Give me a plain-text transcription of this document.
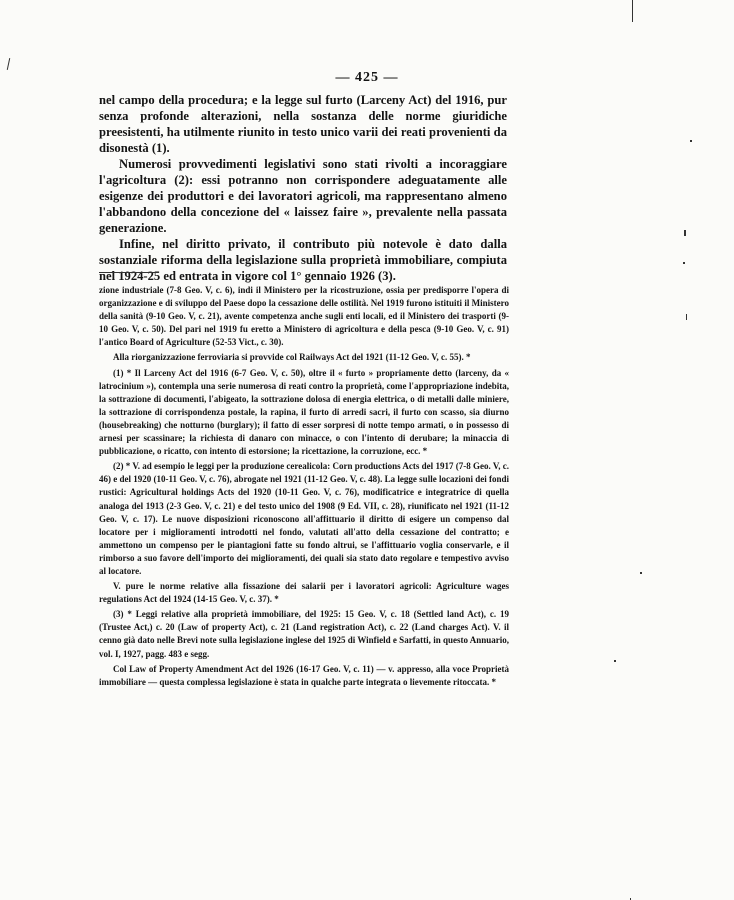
— 425 —

nel campo della procedura; e la legge sul furto (Larceny Act) del 1916, pur senza profonde alterazioni, nella sostanza delle norme giuridiche preesistenti, ha utilmente riunito in testo unico varii dei reati provenienti da disonestà (1).

Numerosi provvedimenti legislativi sono stati rivolti a incoraggiare l'agricoltura (2): essi potranno non corrispondere adeguatamente alle esigenze dei produttori e dei lavoratori agricoli, ma rappresentano almeno l'abbandono della concezione del « laissez faire », prevalente nella passata generazione.

Infine, nel diritto privato, il contributo più notevole è dato dalla sostanziale riforma della legislazione sulla proprietà immobiliare, compiuta nel 1924-25 ed entrata in vigore col 1° gennaio 1926 (3).

zione industriale (7-8 Geo. V, c. 6), indi il Ministero per la ricostruzione, ossia per predisporre l'opera di organizzazione e di sviluppo del Paese dopo la cessazione delle ostilità. Nel 1919 furono istituiti il Ministero della sanità (9-10 Geo. V, c. 21), avente competenza anche sugli enti locali, ed il Ministero dei trasporti (9-10 Geo. V, c. 50). Del pari nel 1919 fu eretto a Ministero di agricoltura e della pesca (9-10 Geo. V, c. 91) l'antico Board of Agriculture (52-53 Vict., c. 30).

Alla riorganizzazione ferroviaria si provvide col Railways Act del 1921 (11-12 Geo. V, c. 55). *

(1) * Il Larceny Act del 1916 (6-7 Geo. V, c. 50), oltre il « furto » propriamente detto (larceny, da « latrocinium »), contempla una serie numerosa di reati contro la proprietà, come l'appropriazione indebita, la sottrazione di documenti, l'abigeato, la sottrazione dolosa di energia elettrica, o di metalli dalle miniere, la sottrazione di corrispondenza postale, la rapina, il furto di arredi sacri, il furto con scasso, sia diurno (housebreaking) che notturno (burglary); il fatto di esser sorpresi di notte tempo armati, o in possesso di arnesi per scassinare; la richiesta di danaro con minacce, o con l'intento di derubare; la minaccia di pubblicazione, o ricatto, con intento di estorsione; la ricettazione, la corruzione, ecc. *

(2) * V. ad esempio le leggi per la produzione cerealicola: Corn productions Acts del 1917 (7-8 Geo. V, c. 46) e del 1920 (10-11 Geo. V, c. 76), abrogate nel 1921 (11-12 Geo. V, c. 48). La legge sulle locazioni dei fondi rustici: Agricultural holdings Acts del 1920 (10-11 Geo. V, c. 76), modificatrice e integratrice di quella analoga del 1913 (2-3 Geo. V, c. 21) e del testo unico del 1908 (9 Ed. VII, c. 28), riunificato nel 1921 (11-12 Geo. V, c. 17). Le nuove disposizioni riconoscono all'affittuario il diritto di esigere un compenso dal locatore per i miglioramenti introdotti nel fondo, valutati all'atto della cessazione del contratto; e ammettono un compenso per le piantagioni fatte su fondo altrui, se l'affittuario voglia conservarle, e il rimborso a suo favore dell'importo dei miglioramenti, dei quali sia stato dato regolare e tempestivo avviso al locatore.

V. pure le norme relative alla fissazione dei salarii per i lavoratori agricoli: Agriculture wages regulations Act del 1924 (14-15 Geo. V, c. 37). *

(3) * Leggi relative alla proprietà immobiliare, del 1925: 15 Geo. V, c. 18 (Settled land Act), c. 19 (Trustee Act,) c. 20 (Law of property Act), c. 21 (Land registration Act), c. 22 (Land charges Act). V. il cenno già dato nelle Brevi note sulla legislazione inglese del 1925 di Winfield e Sarfatti, in questo Annuario, vol. I, 1927, pagg. 483 e segg.

Col Law of Property Amendment Act del 1926 (16-17 Geo. V, c. 11) — v. appresso, alla voce Proprietà immobiliare — questa complessa legislazione è stata in qualche parte integrata o lievemente ritoccata. *
